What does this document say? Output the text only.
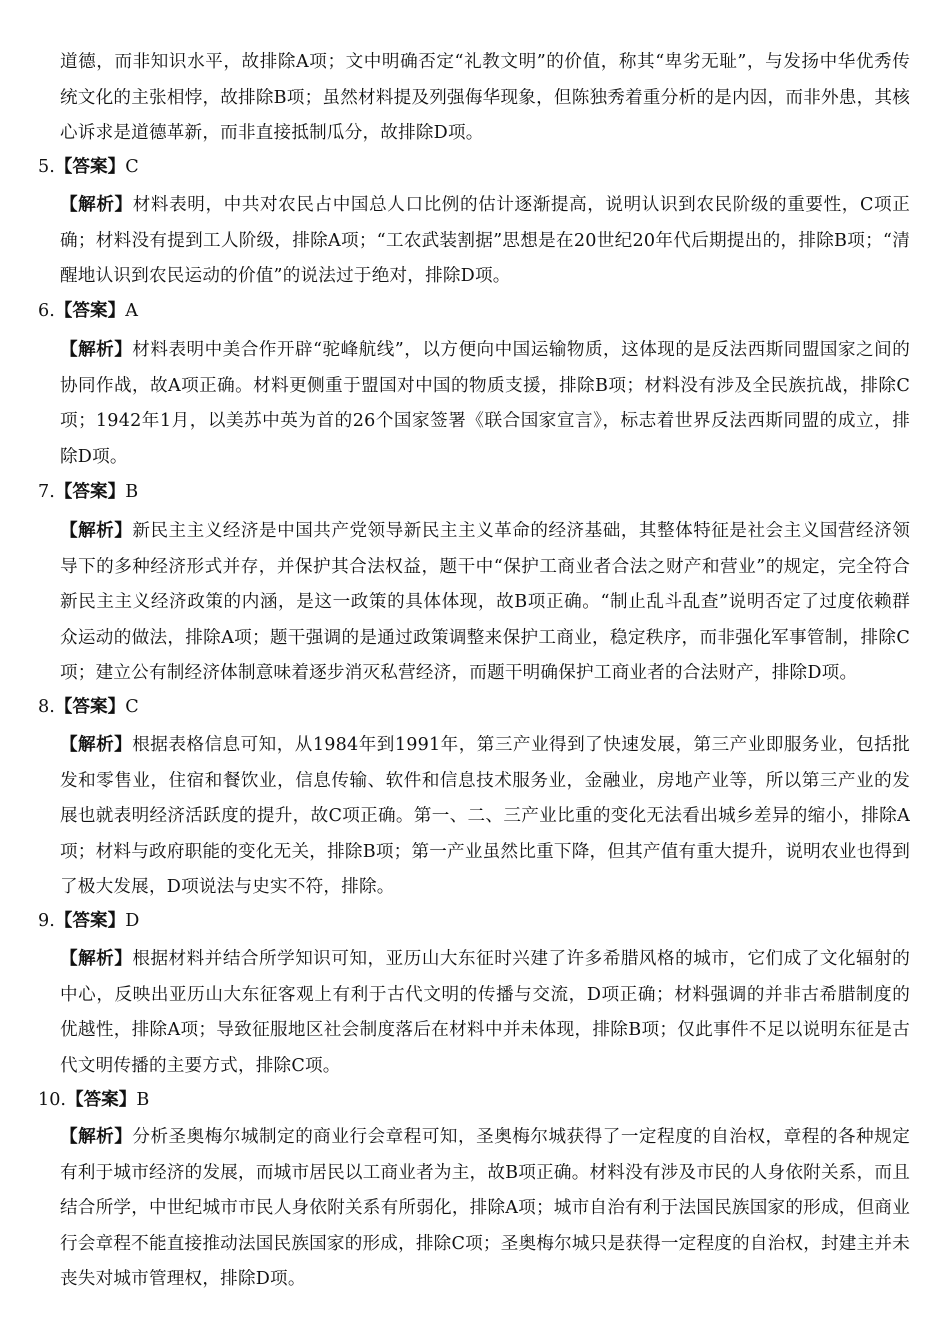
道德，而非知识水平，故排除A项；文中明确否定“礼教文明”的价值，称其“卑劣无耻”，与发扬中华优秀传统文化的主张相悖，故排除B项；虽然材料提及列强侮华现象，但陈独秀着重分析的是内因，而非外患，其核心诉求是道德革新，而非直接抵制瓜分，故排除D项。
5.【答案】C
【解析】材料表明，中共对农民占中国总人口比例的估计逐渐提高，说明认识到农民阶级的重要性，C项正确；材料没有提到工人阶级，排除A项；“工农武装割据”思想是在20世纪20年代后期提出的，排除B项；“清醒地认识到农民运动的价值”的说法过于绝对，排除D项。
6.【答案】A
【解析】材料表明中美合作开辟“驼峰航线”，以方便向中国运输物质，这体现的是反法西斯同盟国家之间的协同作战，故A项正确。材料更侧重于盟国对中国的物质支援，排除B项；材料没有涉及全民族抗战，排除C项；1942年1月，以美苏中英为首的26个国家签署《联合国家宣言》，标志着世界反法西斯同盟的成立，排除D项。
7.【答案】B
【解析】新民主主义经济是中国共产党领导新民主主义革命的经济基础，其整体特征是社会主义国营经济领导下的多种经济形式并存，并保护其合法权益，题干中“保护工商业者合法之财产和营业”的规定，完全符合新民主主义经济政策的内涵，是这一政策的具体体现，故B项正确。“制止乱斗乱查”说明否定了过度依赖群众运动的做法，排除A项；题干强调的是通过政策调整来保护工商业，稳定秩序，而非强化军事管制，排除C项；建立公有制经济体制意味着逐步消灭私营经济，而题干明确保护工商业者的合法财产，排除D项。
8.【答案】C
【解析】根据表格信息可知，从1984年到1991年，第三产业得到了快速发展，第三产业即服务业，包括批发和零售业，住宿和餐饮业，信息传输、软件和信息技术服务业，金融业，房地产业等，所以第三产业的发展也就表明经济活跃度的提升，故C项正确。第一、二、三产业比重的变化无法看出城乡差异的缩小，排除A项；材料与政府职能的变化无关，排除B项；第一产业虽然比重下降，但其产值有重大提升，说明农业也得到了极大发展，D项说法与史实不符，排除。
9.【答案】D
【解析】根据材料并结合所学知识可知，亚历山大东征时兴建了许多希腊风格的城市，它们成了文化辐射的中心，反映出亚历山大东征客观上有利于古代文明的传播与交流，D项正确；材料强调的并非古希腊制度的优越性，排除A项；导致征服地区社会制度落后在材料中并未体现，排除B项；仅此事件不足以说明东征是古代文明传播的主要方式，排除C项。
10.【答案】B
【解析】分析圣奥梅尔城制定的商业行会章程可知，圣奥梅尔城获得了一定程度的自治权，章程的各种规定有利于城市经济的发展，而城市居民以工商业者为主，故B项正确。材料没有涉及市民的人身依附关系，而且结合所学，中世纪城市市民人身依附关系有所弱化，排除A项；城市自治有利于法国民族国家的形成，但商业行会章程不能直接推动法国民族国家的形成，排除C项；圣奥梅尔城只是获得一定程度的自治权，封建主并未丧失对城市管理权，排除D项。
